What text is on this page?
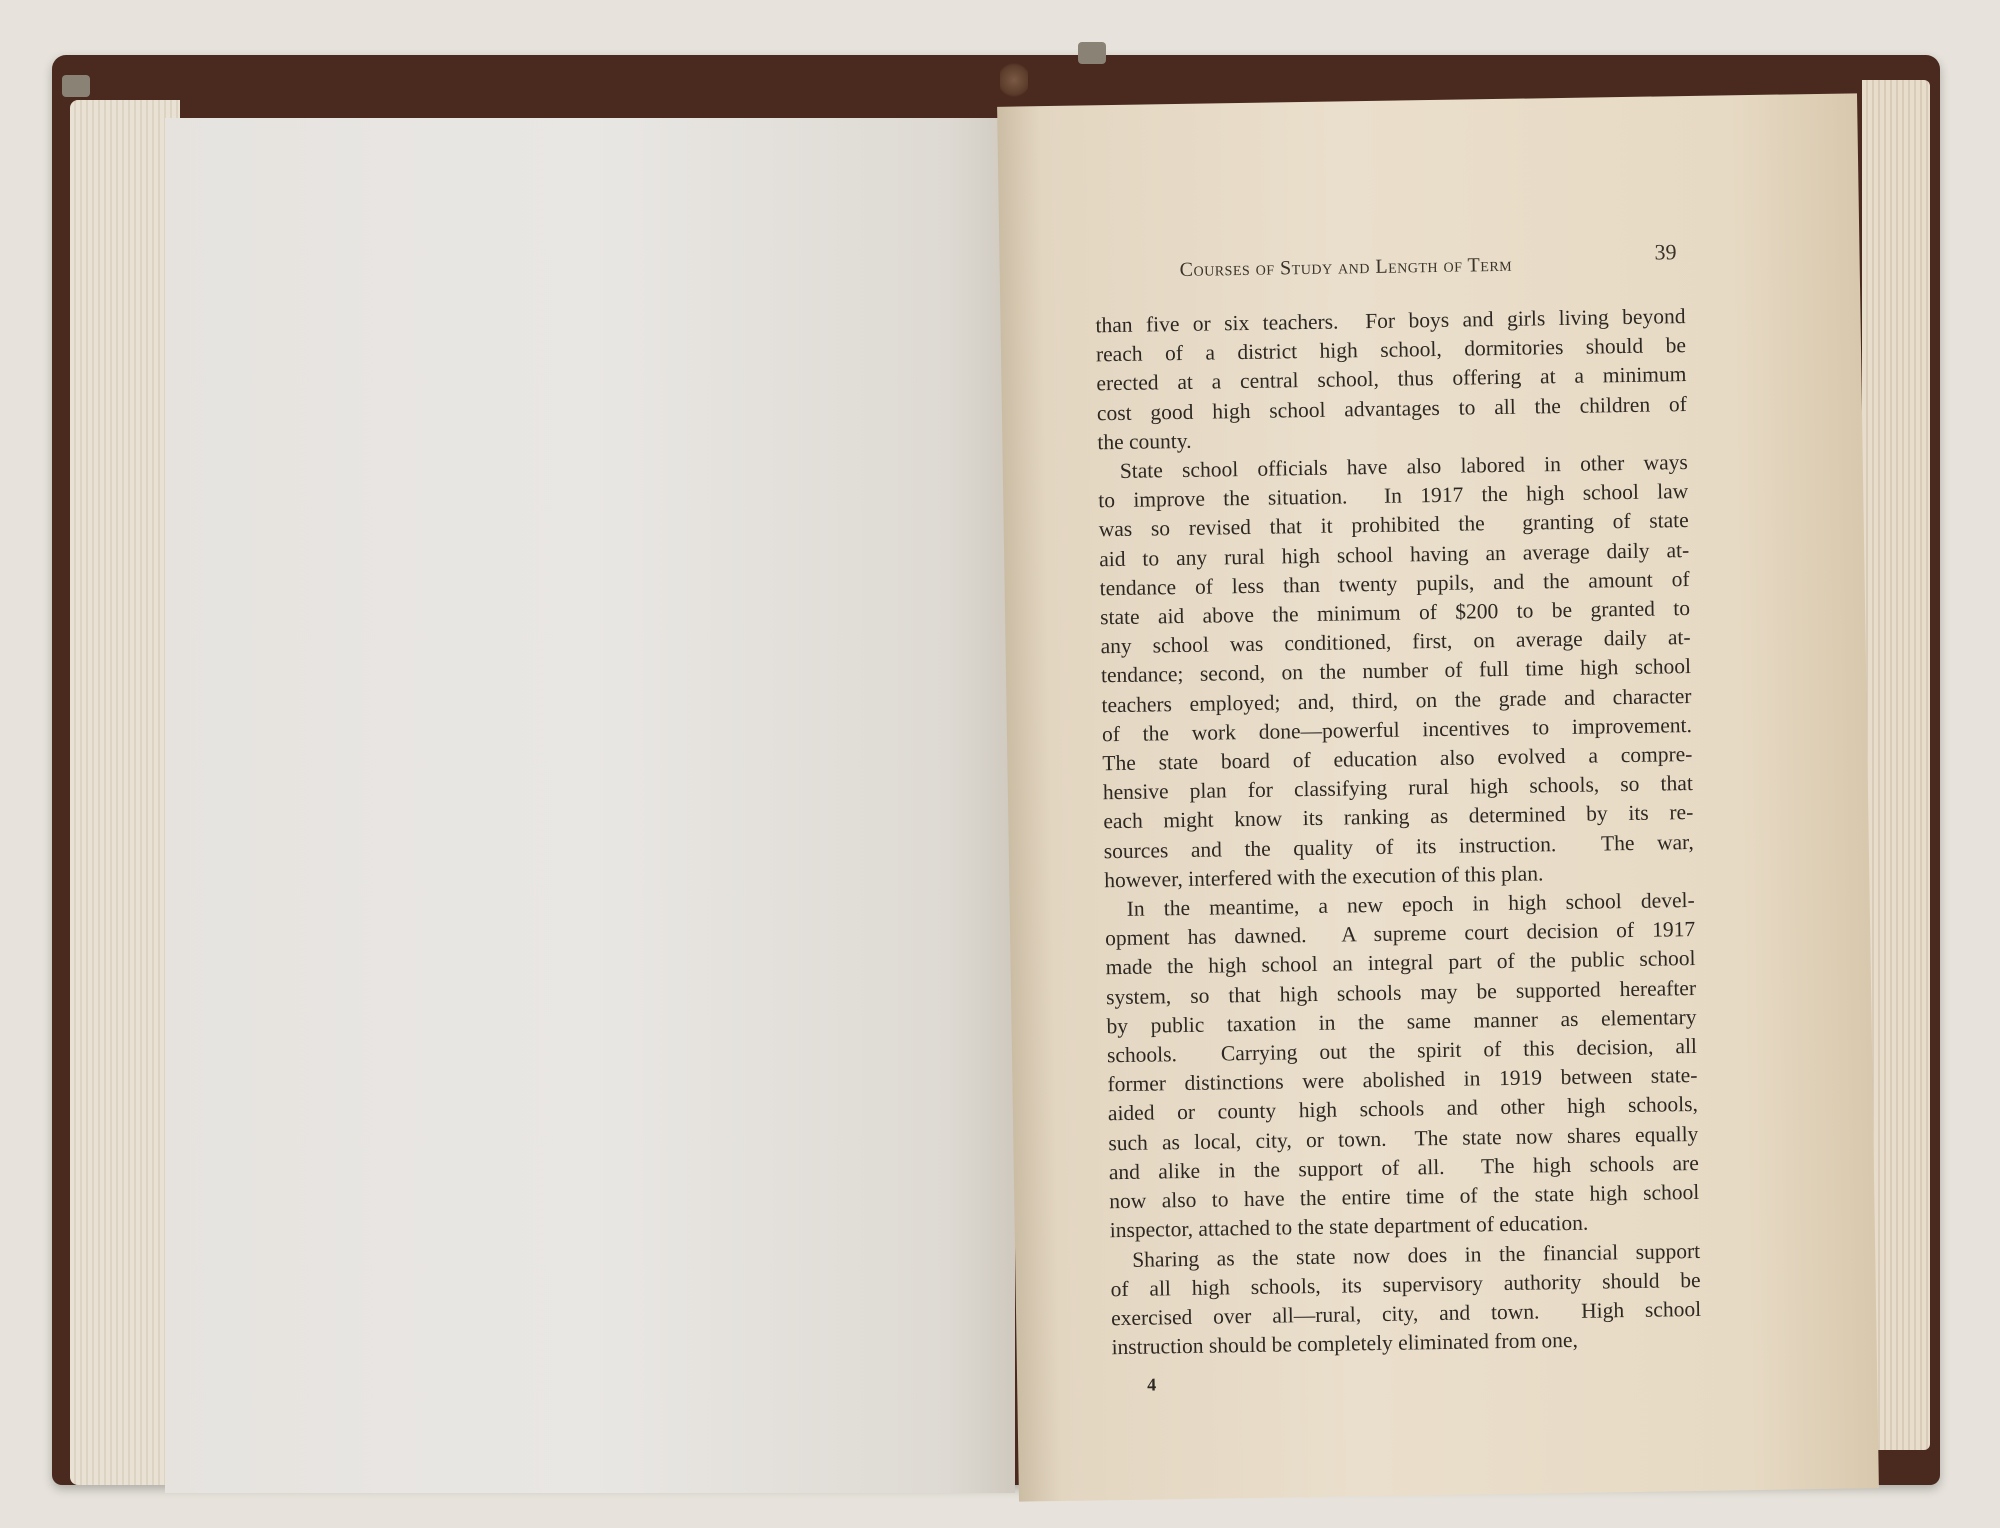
Courses of Study and Length of Term
39
than five or six teachers.  For boys and girls living beyond
reach of a district high school, dormitories should be
erected at a central school, thus offering at a minimum
cost good high school advantages to all the children of
the county.
State school officials have also labored in other ways
to improve the situation.  In 1917 the high school law
was so revised that it prohibited the  granting of state
aid to any rural high school having an average daily at-
tendance of less than twenty pupils, and the amount of
state aid above the minimum of $200 to be granted to
any school was conditioned, first, on average daily at-
tendance; second, on the number of full time high school
teachers employed; and, third, on the grade and character
of the work done—powerful incentives to improvement.
The state board of education also evolved a compre-
hensive plan for classifying rural high schools, so that
each might know its ranking as determined by its re-
sources and the quality of its instruction.  The war,
however, interfered with the execution of this plan.
In the meantime, a new epoch in high school devel-
opment has dawned.  A supreme court decision of 1917
made the high school an integral part of the public school
system, so that high schools may be supported hereafter
by public taxation in the same manner as elementary
schools.  Carrying out the spirit of this decision, all
former distinctions were abolished in 1919 between state-
aided or county high schools and other high schools,
such as local, city, or town.  The state now shares equally
and alike in the support of all.  The high schools are
now also to have the entire time of the state high school
inspector, attached to the state department of education.
Sharing as the state now does in the financial support
of all high schools, its supervisory authority should be
exercised over all—rural, city, and town.  High school
instruction should be completely eliminated from one,
4
